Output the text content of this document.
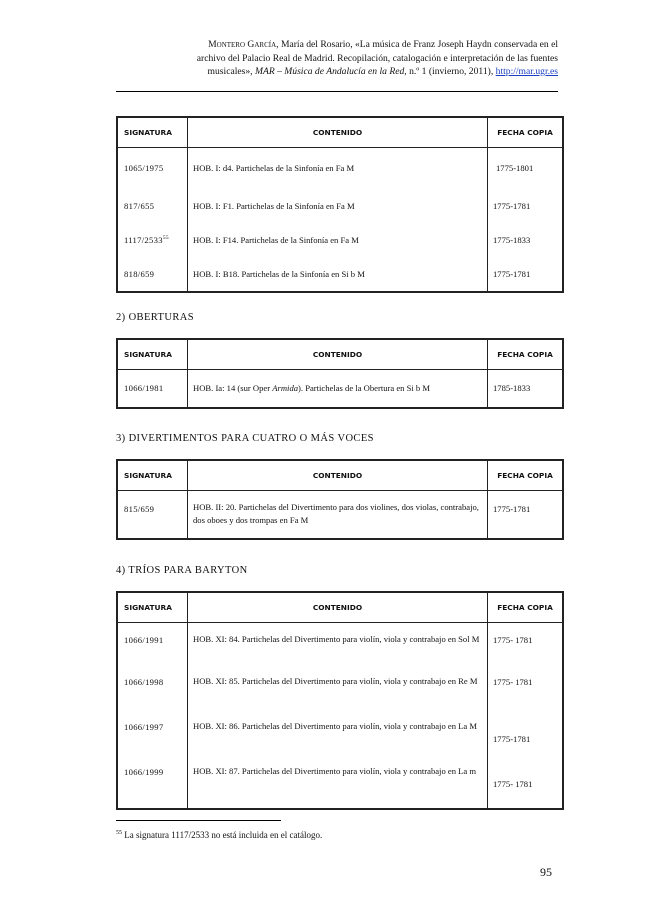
Montero García, María del Rosario, «La música de Franz Joseph Haydn conservada en el
archivo del Palacio Real de Madrid. Recopilación, catalogación e interpretación de las fuentes
musicales», MAR – Música de Andalucía en la Red, n.º 1 (invierno, 2011), http://mar.ugr.es
SIGNATURA	CONTENIDO	FECHA COPIA
1065/1975	HOB. I: d4. Partichelas de la Sinfonía en Fa M	1775-1801
817/655	HOB. I: F1. Partichelas de la Sinfonía en Fa M	1775-1781
1117/2533$^{55}$	HOB. I: F14. Partichelas de la Sinfonía en Fa M	1775-1833
818/659	HOB. I: B18. Partichelas de la Sinfonía en Si b M	1775-1781
2) OBERTURAS
SIGNATURA	CONTENIDO	FECHA COPIA
1066/1981	HOB. Ia: 14 (sur Oper Armida). Partichelas de la Obertura en Si b M	1785-1833
3) DIVERTIMENTOS PARA CUATRO O MÁS VOCES
SIGNATURA	CONTENIDO	FECHA COPIA
815/659	HOB. II: 20. Partichelas del Divertimento para dos violines, dos violas, contrabajo, dos oboes y dos trompas en Fa M	1775-1781
4) TRÍOS PARA BARYTON
SIGNATURA	CONTENIDO	FECHA COPIA
1066/1991	HOB. XI: 84. Partichelas del Divertimento para violín, viola y contrabajo en Sol M	1775- 1781
1066/1998	HOB. XI: 85. Partichelas del Divertimento para violín, viola y contrabajo en Re M	1775- 1781
1066/1997	HOB. XI: 86. Partichelas del Divertimento para violín, viola y contrabajo en La M	1775-1781
1066/1999	HOB. XI: 87. Partichelas del Divertimento para violín, viola y contrabajo en La m	1775- 1781
$^{55}$ La signatura 1117/2533 no está incluida en el catálogo.
95
